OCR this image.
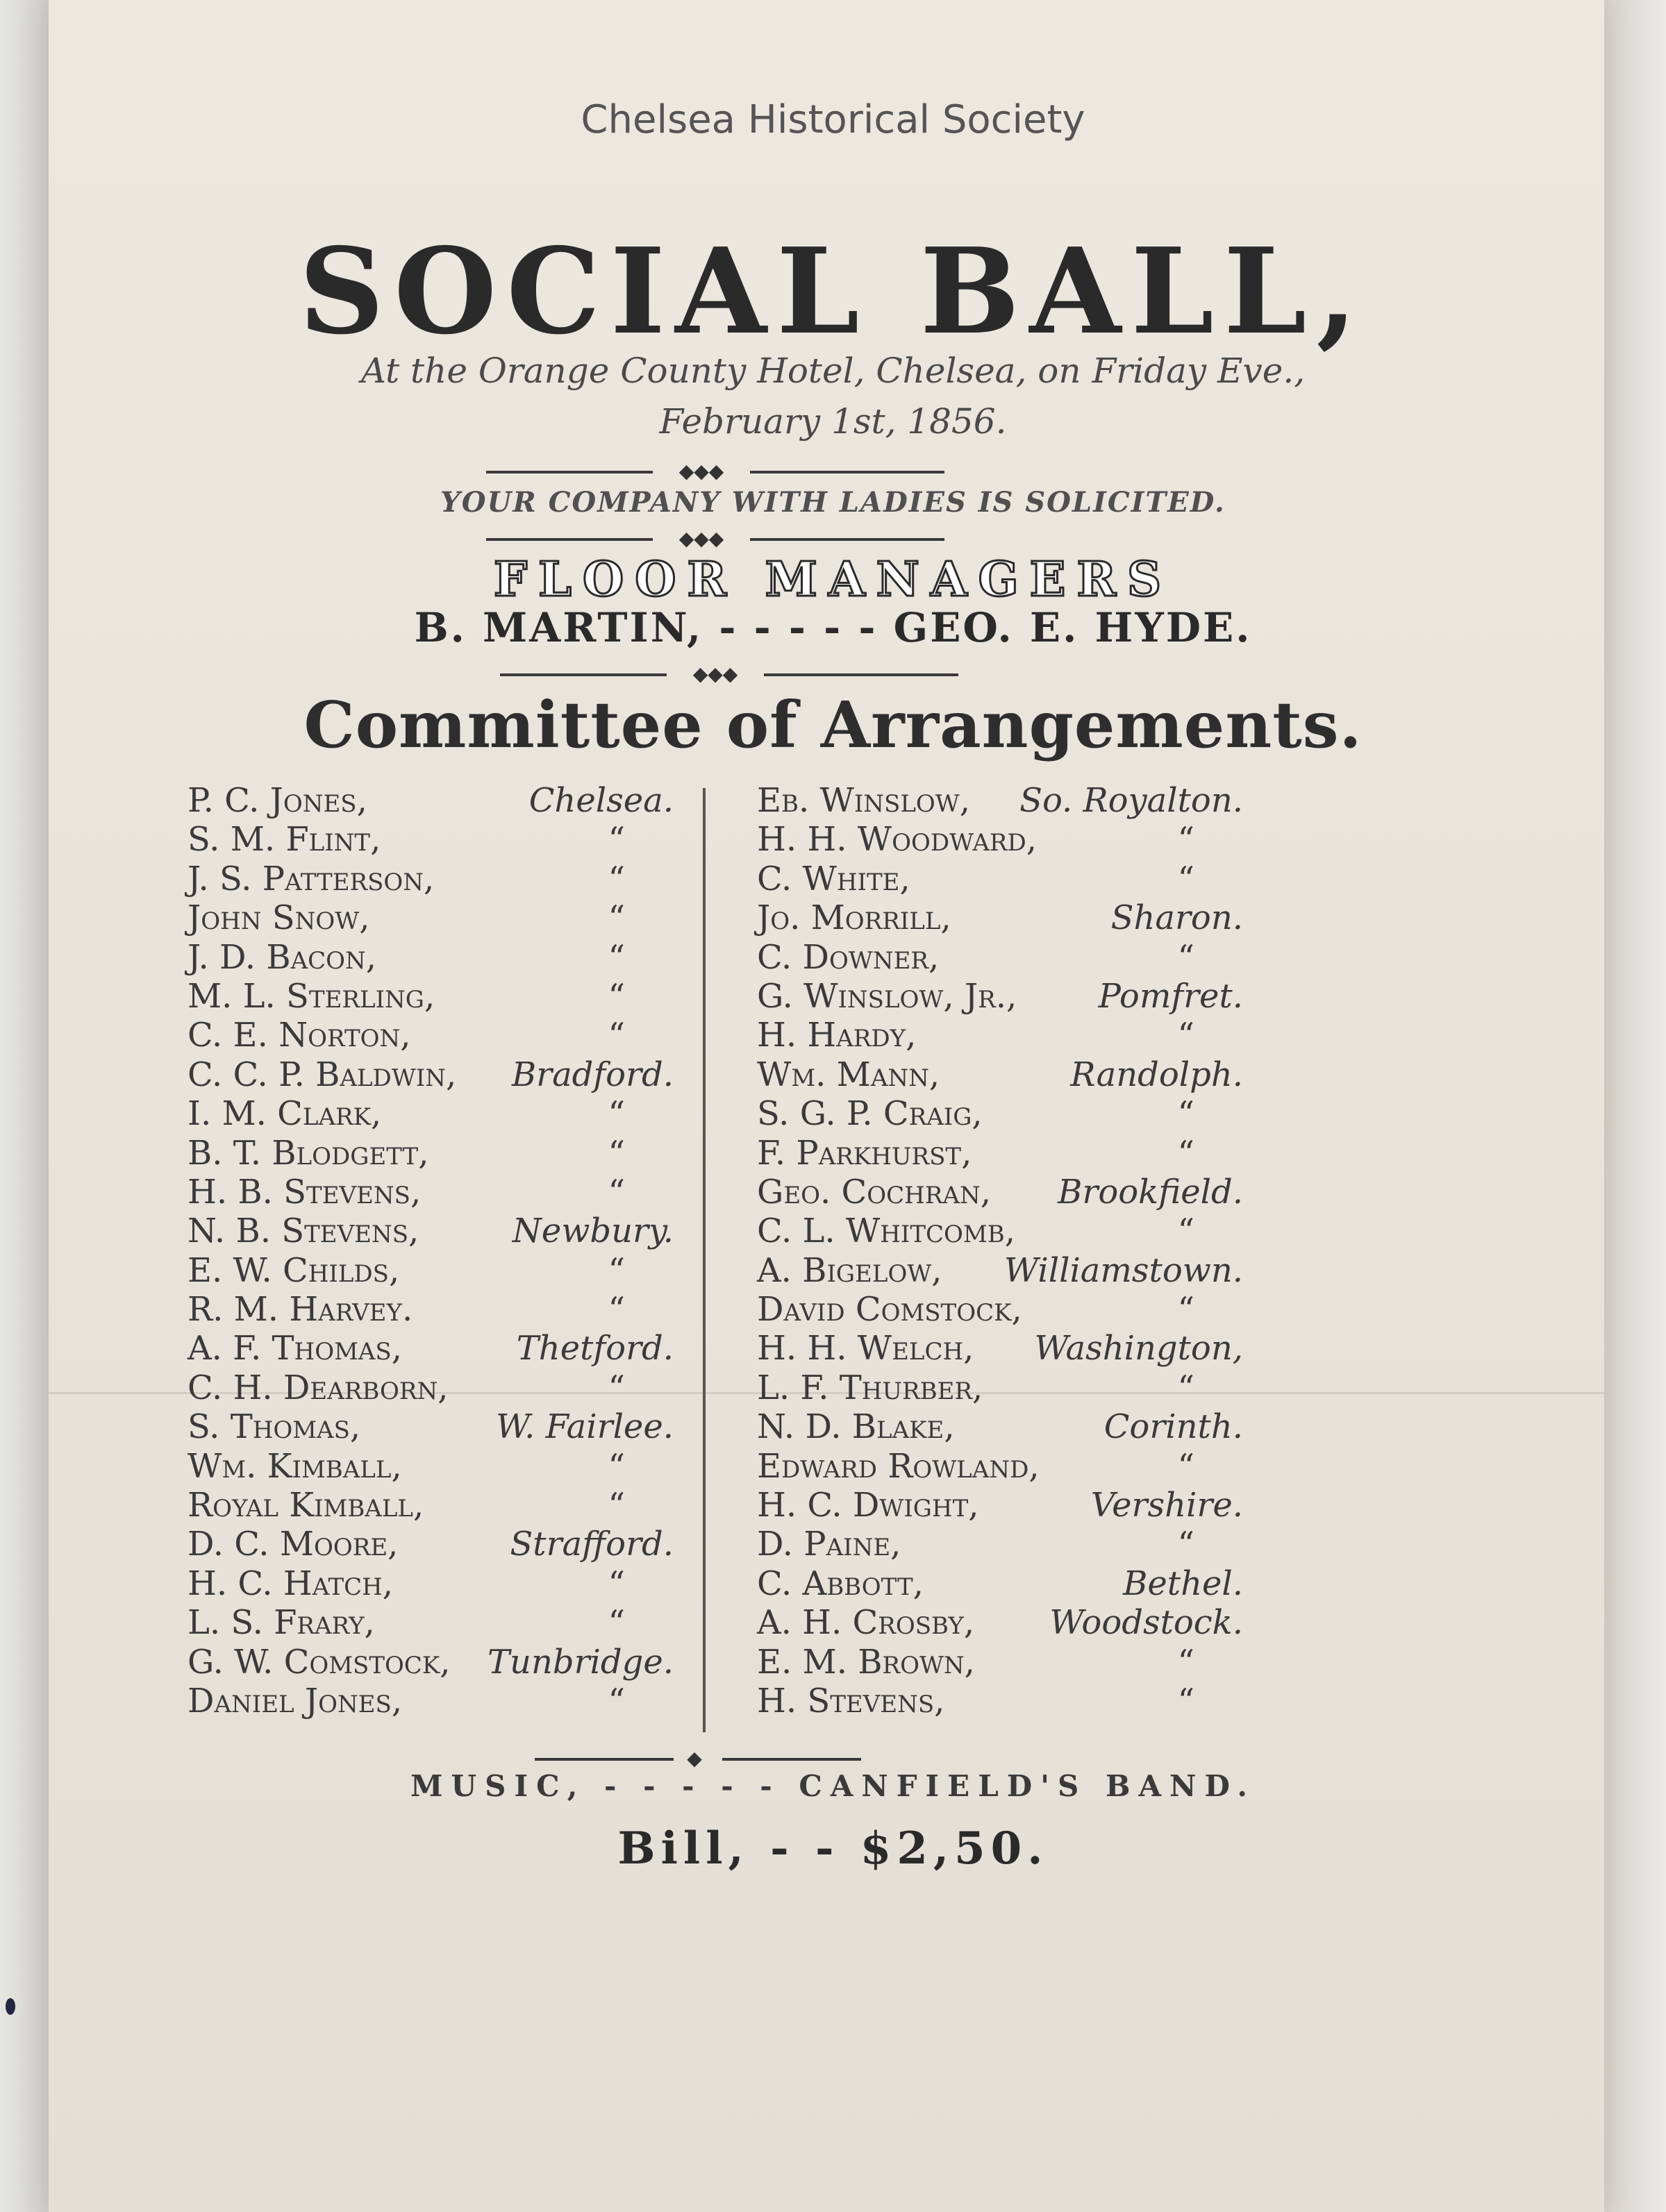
Chelsea Historical Society
SOCIAL BALL,
At the Orange County Hotel, Chelsea, on Friday Eve.,
February 1st, 1856.
◆◆◆
YOUR COMPANY WITH LADIES IS SOLICITED.
◆◆◆
FLOOR MANAGERS
B. MARTIN, - - - - - GEO. E. HYDE.
◆◆◆
Committee of Arrangements.
P. C. Jones,	Chelsea.
S. M. Flint,	“
J. S. Patterson,	“
John Snow,	“
J. D. Bacon,	“
M. L. Sterling,	“
C. E. Norton,	“
C. C. P. Baldwin, Bradford.
I. M. Clark,	“
B. T. Blodgett,	“
H. B. Stevens,	“
N. B. Stevens,	Newbury.
E. W. Childs,	“
R. M. Harvey.	“
A. F. Thomas,	Thetford.
C. H. Dearborn,	“
S. Thomas,	W. Fairlee.
Wm. Kimball,	“
Royal Kimball,	“
D. C. Moore,	Strafford.
H. C. Hatch,	“
L. S. Frary,	“
G. W. Comstock, Tunbridge.
Daniel Jones,	“
Eb. Winslow, So. Royalton.
H. H. Woodward,	“
C. White,	“
Jo. Morrill,	Sharon.
C. Downer,	“
G. Winslow, Jr., Pomfret.
H. Hardy,	“
Wm. Mann,	Randolph.
S. G. P. Craig,	“
F. Parkhurst,	“
Geo. Cochran, Brookfield.
C. L. Whitcomb,	“
A. Bigelow, Williamstown.
David Comstock,	“
H. H. Welch, Washington,
L. F. Thurber,	“
N. D. Blake,	Corinth.
Edward Rowland,	“
H. C. Dwight,	Vershire.
D. Paine,	“
C. Abbott,	Bethel.
A. H. Crosby, Woodstock.
E. M. Brown,	“
H. Stevens,	“
◆
MUSIC, - - - - - CANFIELD'S BAND.
Bill, - - $2,50.
